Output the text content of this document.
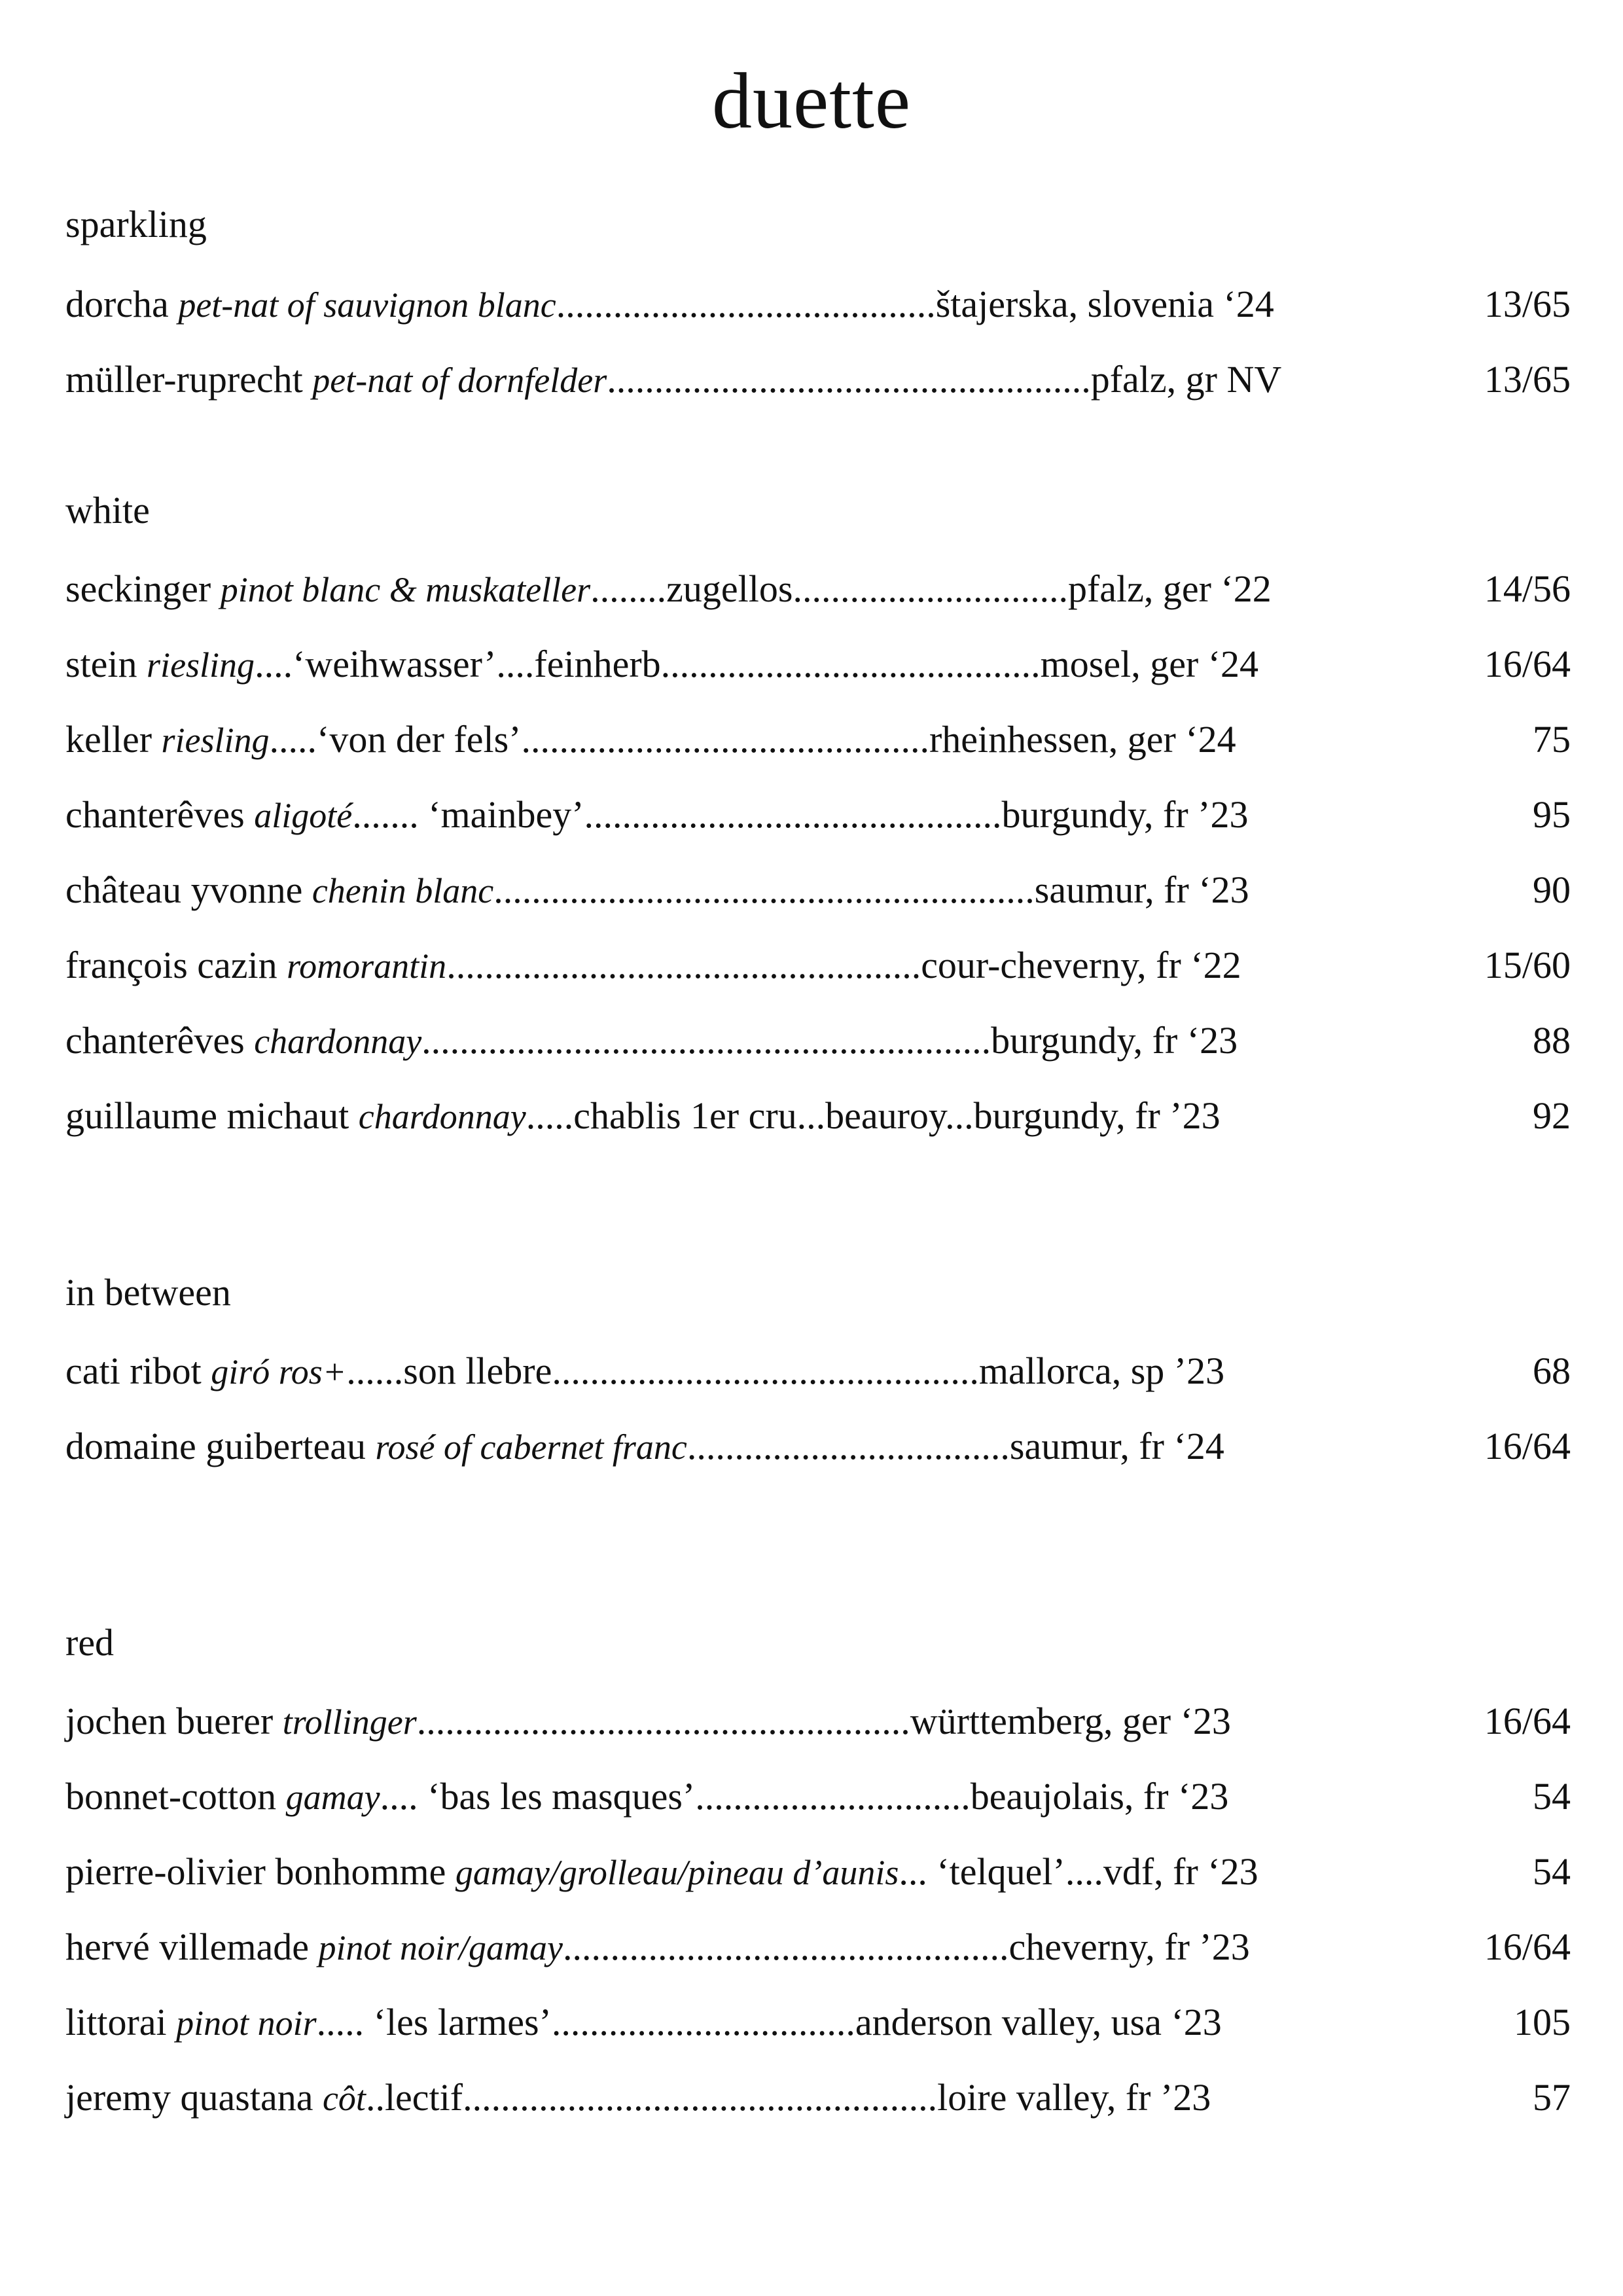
duette
sparkling
dorcha pet-nat of sauvignon blanc........................................štajerska, slovenia ‘24	13/65
müller-ruprecht pet-nat of dornfelder...................................................pfalz, gr NV	13/65
white
seckinger pinot blanc & muskateller........zugellos.............................pfalz, ger ‘22	14/56
stein riesling....‘weihwasser’....feinherb........................................mosel, ger ‘24	16/64
keller riesling.....‘von der fels’...........................................rheinhessen, ger ‘24	75
chanterêves aligoté....... ‘mainbey’............................................burgundy, fr ’23	95
château yvonne chenin blanc.........................................................saumur, fr ‘23	90
françois cazin romorantin..................................................cour-cheverny, fr ‘22	15/60
chanterêves chardonnay............................................................burgundy, fr ‘23	88
guillaume michaut chardonnay.....chablis 1er cru...beauroy...burgundy, fr ’23	92
in between
cati ribot giró ros+......son llebre.............................................mallorca, sp ’23	68
domaine guiberteau rosé of cabernet franc..................................saumur, fr ‘24	16/64
red
jochen buerer trollinger....................................................württemberg, ger ‘23	16/64
bonnet-cotton gamay.... ‘bas les masques’.............................beaujolais, fr ‘23	54
pierre-olivier bonhomme gamay/grolleau/pineau d’aunis... ‘telquel’....vdf, fr ‘23	54
hervé villemade pinot noir/gamay...............................................cheverny, fr ’23	16/64
littorai pinot noir..... ‘les larmes’................................anderson valley, usa ‘23	105
jeremy quastana côt..lectif..................................................loire valley, fr ’23	57
